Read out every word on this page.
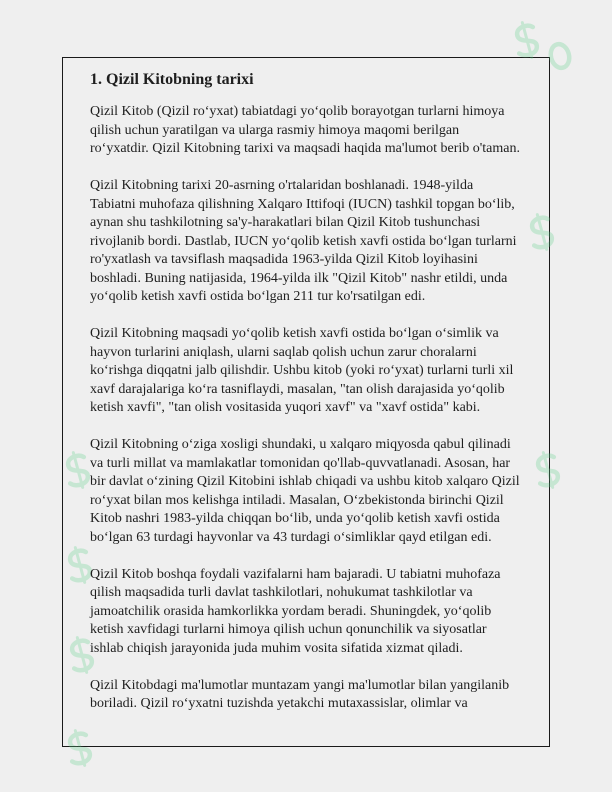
1. Qizil Kitobning tarixi
Qizil Kitob (Qizil ro‘yxat) tabiatdagi yo‘qolib borayotgan turlarni himoya
qilish uchun yaratilgan va ularga rasmiy himoya maqomi berilgan
ro‘yxatdir. Qizil Kitobning tarixi va maqsadi haqida ma'lumot berib o'taman.
Qizil Kitobning tarixi 20-asrning o'rtalaridan boshlanadi. 1948-yilda
Tabiatni muhofaza qilishning Xalqaro Ittifoqi (IUCN) tashkil topgan bo‘lib,
aynan shu tashkilotning sa'y-harakatlari bilan Qizil Kitob tushunchasi
rivojlanib bordi. Dastlab, IUCN yo‘qolib ketish xavfi ostida bo‘lgan turlarni
ro'yxatlash va tavsiflash maqsadida 1963-yilda Qizil Kitob loyihasini
boshladi. Buning natijasida, 1964-yilda ilk "Qizil Kitob" nashr etildi, unda
yo‘qolib ketish xavfi ostida bo‘lgan 211 tur ko'rsatilgan edi.
Qizil Kitobning maqsadi yo‘qolib ketish xavfi ostida bo‘lgan o‘simlik va
hayvon turlarini aniqlash, ularni saqlab qolish uchun zarur choralarni
ko‘rishga diqqatni jalb qilishdir. Ushbu kitob (yoki ro‘yxat) turlarni turli xil
xavf darajalariga ko‘ra tasniflaydi, masalan, "tan olish darajasida yo‘qolib
ketish xavfi", "tan olish vositasida yuqori xavf" va "xavf ostida" kabi.
Qizil Kitobning o‘ziga xosligi shundaki, u xalqaro miqyosda qabul qilinadi
va turli millat va mamlakatlar tomonidan qo'llab-quvvatlanadi. Asosan, har
bir davlat o‘zining Qizil Kitobini ishlab chiqadi va ushbu kitob xalqaro Qizil
ro‘yxat bilan mos kelishga intiladi. Masalan, O‘zbekistonda birinchi Qizil
Kitob nashri 1983-yilda chiqqan bo‘lib, unda yo‘qolib ketish xavfi ostida
bo‘lgan 63 turdagi hayvonlar va 43 turdagi o‘simliklar qayd etilgan edi.
Qizil Kitob boshqa foydali vazifalarni ham bajaradi. U tabiatni muhofaza
qilish maqsadida turli davlat tashkilotlari, nohukumat tashkilotlar va
jamoatchilik orasida hamkorlikka yordam beradi. Shuningdek, yo‘qolib
ketish xavfidagi turlarni himoya qilish uchun qonunchilik va siyosatlar
ishlab chiqish jarayonida juda muhim vosita sifatida xizmat qiladi.
Qizil Kitobdagi ma'lumotlar muntazam yangi ma'lumotlar bilan yangilanib
boriladi. Qizil ro‘yxatni tuzishda yetakchi mutaxassislar, olimlar va
